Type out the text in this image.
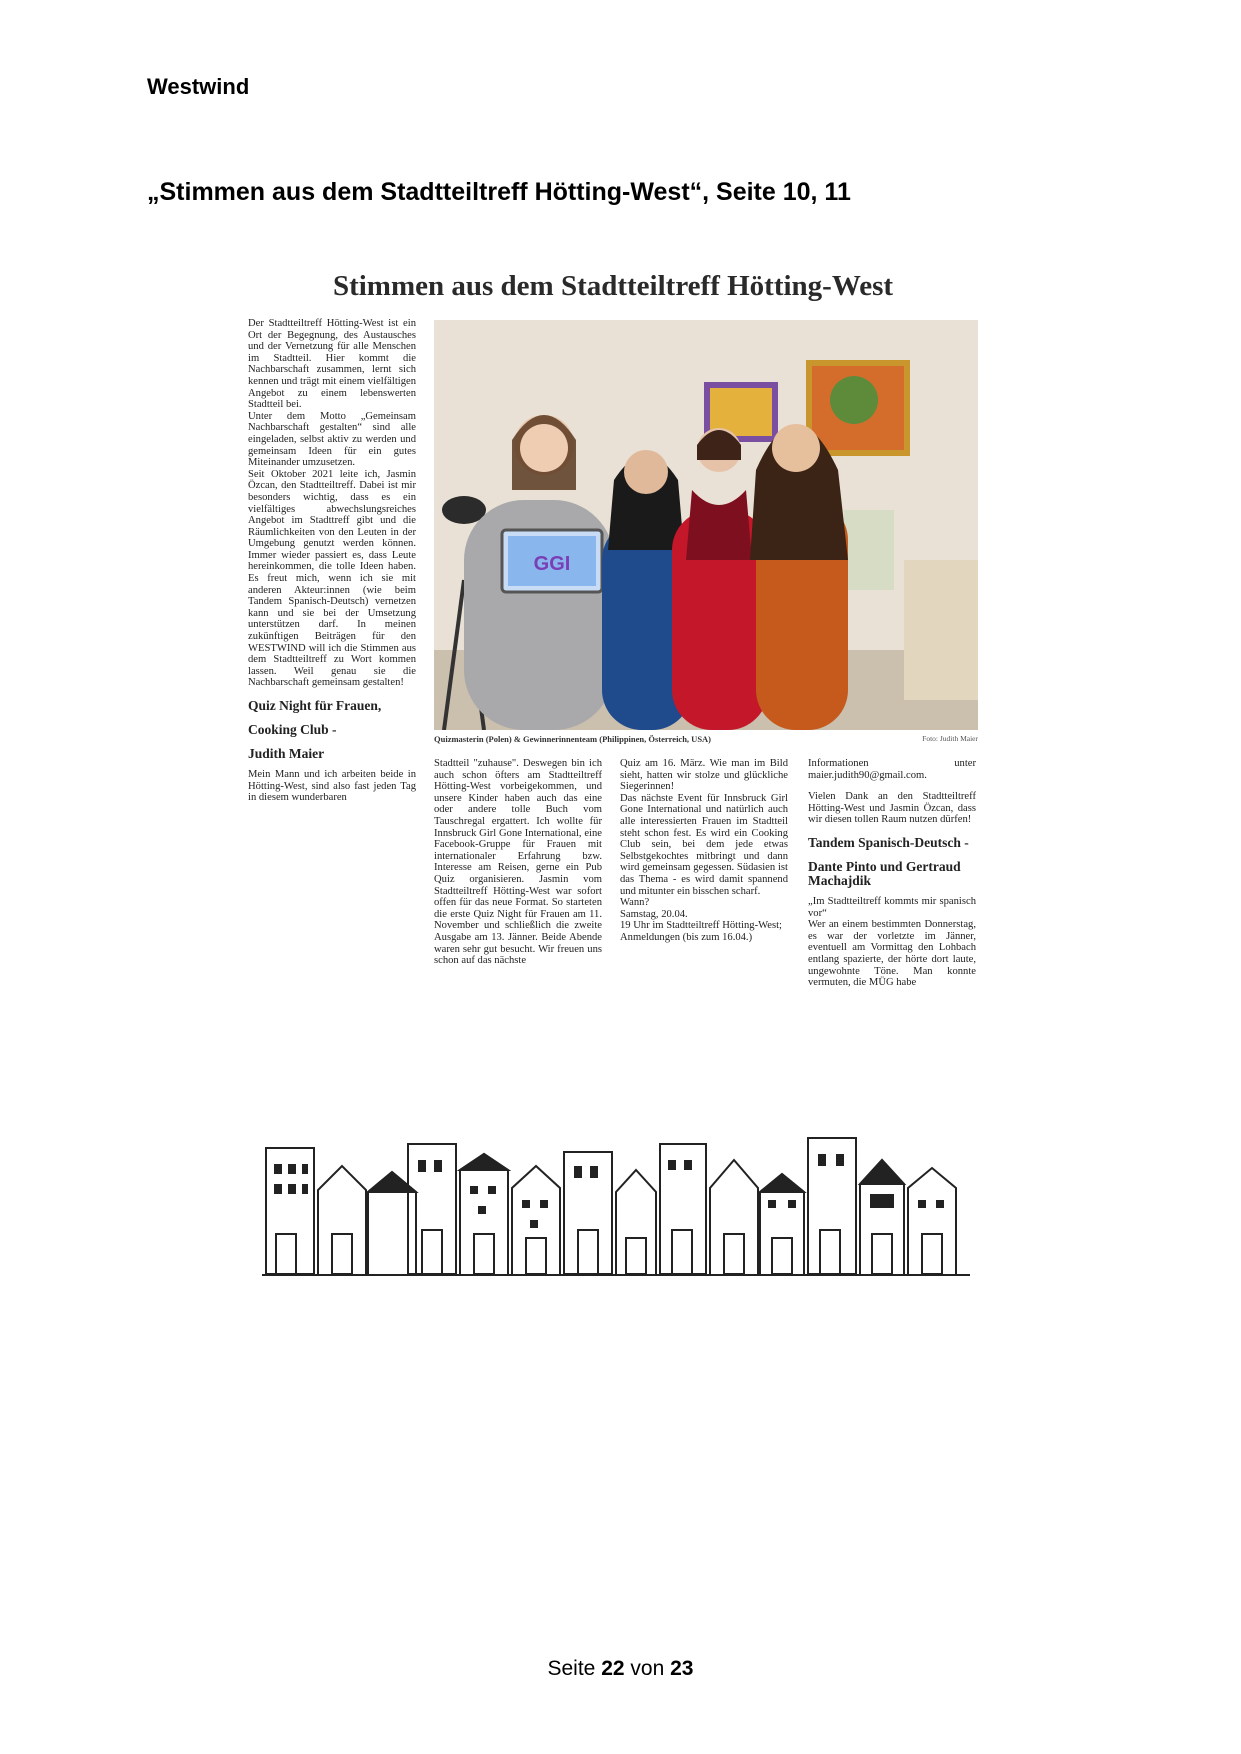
Westwind
„Stimmen aus dem Stadtteiltreff Hötting-West“, Seite 10, 11
Stimmen aus dem Stadtteiltreff Hötting-West

Der Stadtteiltreff Hötting-West ist ein Ort der Begegnung, des Austausches und der Vernetzung für alle Menschen im Stadtteil. Hier kommt die Nachbarschaft zusammen, lernt sich kennen und trägt mit einem vielfältigen Angebot zu einem lebenswerten Stadtteil bei.

Unter dem Motto „Gemeinsam Nachbarschaft gestalten“ sind alle eingeladen, selbst aktiv zu werden und gemeinsam Ideen für ein gutes Miteinander umzusetzen.

Seit Oktober 2021 leite ich, Jasmin Özcan, den Stadtteiltreff. Dabei ist mir besonders wichtig, dass es ein vielfältiges abwechslungsreiches Angebot im Stadttreff gibt und die Räumlichkeiten von den Leuten in der Umgebung genutzt werden können. Immer wieder passiert es, dass Leute hereinkommen, die tolle Ideen haben. Es freut mich, wenn ich sie mit anderen Akteur:innen (wie beim Tandem Spanisch-Deutsch) vernetzen kann und sie bei der Umsetzung unterstützen darf. In meinen zukünftigen Beiträgen für den WESTWIND will ich die Stimmen aus dem Stadtteiltreff zu Wort kommen lassen. Weil genau sie die Nachbarschaft gemeinsam gestalten!

Quiz Night für Frauen,
Cooking Club -
Judith Maier

Mein Mann und ich arbeiten beide in Hötting-West, sind also fast jeden Tag in diesem wunderbaren

GGI
Quizmasterin (Polen) & Gewinnerinnenteam (Philippinen, Österreich, USA)	Foto: Judith Maier

Stadtteil "zuhause". Deswegen bin ich auch schon öfters am Stadtteiltreff Hötting-West vorbeigekommen, und unsere Kinder haben auch das eine oder andere tolle Buch vom Tauschregal ergattert. Ich wollte für Innsbruck Girl Gone International, eine Facebook-Gruppe für Frauen mit internationaler Erfahrung bzw. Interesse am Reisen, gerne ein Pub Quiz organisieren. Jasmin vom Stadtteiltreff Hötting-West war sofort offen für das neue Format. So starteten die erste Quiz Night für Frauen am 11. November und schließlich die zweite Ausgabe am 13. Jänner. Beide Abende waren sehr gut besucht. Wir freuen uns schon auf das nächste

Quiz am 16. März. Wie man im Bild sieht, hatten wir stolze und glückliche Siegerinnen!

Das nächste Event für Innsbruck Girl Gone International und natürlich auch alle interessierten Frauen im Stadtteil steht schon fest. Es wird ein Cooking Club sein, bei dem jede etwas Selbstgekochtes mitbringt und dann wird gemeinsam gegessen. Südasien ist das Thema - es wird damit spannend und mitunter ein bisschen scharf.

Wann?

Samstag, 20.04.

19 Uhr im Stadtteiltreff Hötting-West;

Anmeldungen (bis zum 16.04.)

Informationen unter maier.judith90@gmail.com.

Vielen Dank an den Stadtteiltreff Hötting-West und Jasmin Özcan, dass wir diesen tollen Raum nutzen dürfen!

Tandem Spanisch-Deutsch -
Dante Pinto und Gertraud Machajdik

„Im Stadtteiltreff kommts mir spanisch vor“

Wer an einem bestimmten Donnerstag, es war der vorletzte im Jänner, eventuell am Vormittag den Lohbach entlang spazierte, der hörte dort laute, ungewohnte Töne. Man konnte vermuten, die MÜG habe

Seite 22 von 23
